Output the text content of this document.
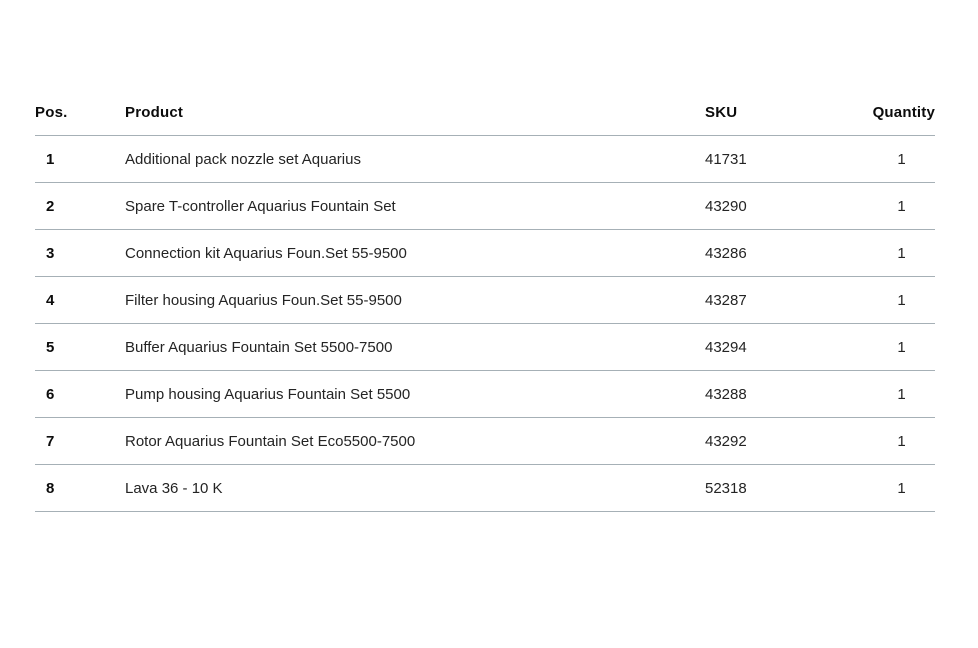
Pos.	Product	SKU	Quantity
1	Additional pack nozzle set Aquarius	41731	1
2	Spare T-controller Aquarius Fountain Set	43290	1
3	Connection kit Aquarius Foun.Set 55-9500	43286	1
4	Filter housing Aquarius Foun.Set 55-9500	43287	1
5	Buffer Aquarius Fountain Set 5500-7500	43294	1
6	Pump housing Aquarius Fountain Set 5500	43288	1
7	Rotor Aquarius Fountain Set Eco5500-7500	43292	1
8	Lava 36 - 10 K	52318	1
